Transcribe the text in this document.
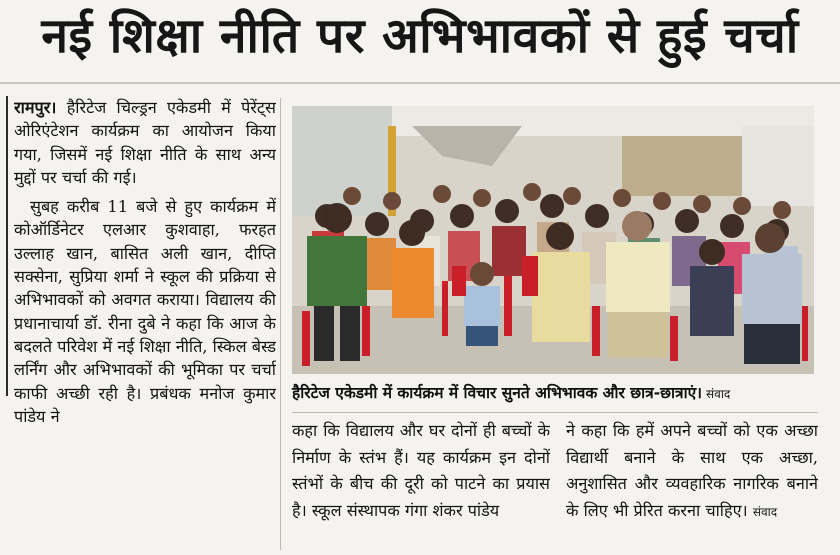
नई शिक्षा नीति पर अभिभावकों से हुई चर्चा

रामपुर। हैरिटेज चिल्ड्रन एकेडमी में पेरेंट्स ओरिएंटेशन कार्यक्रम का आयोजन किया गया, जिसमें नई शिक्षा नीति के साथ अन्य मुद्दों पर चर्चा की गई।

सुबह करीब 11 बजे से हुए कार्यक्रम में कोऑर्डिनेटर एलआर कुशवाहा, फरहत उल्लाह खान, बासित अली खान, दीप्ति सक्सेना, सुप्रिया शर्मा ने स्कूल की प्रक्रिया से अभिभावकों को अवगत कराया। विद्यालय की प्रधानाचार्या डॉ. रीना दुबे ने कहा कि आज के बदलते परिवेश में नई शिक्षा नीति, स्किल बेस्ड लर्निंग और अभिभावकों की भूमिका पर चर्चा काफी अच्छी रही है। प्रबंधक मनोज कुमार पांडेय ने

हैरिटेज एकेडमी में कार्यक्रम में विचार सुनते अभिभावक और छात्र-छात्राएं। संवाद

कहा कि विद्यालय और घर दोनों ही बच्चों के निर्माण के स्तंभ हैं। यह कार्यक्रम इन दोनों स्तंभों के बीच की दूरी को पाटने का प्रयास है। स्कूल संस्थापक गंगा शंकर पांडेय

ने कहा कि हमें अपने बच्चों को एक अच्छा विद्यार्थी बनाने के साथ एक अच्छा, अनुशासित और व्यवहारिक नागरिक बनाने के लिए भी प्रेरित करना चाहिए। संवाद
